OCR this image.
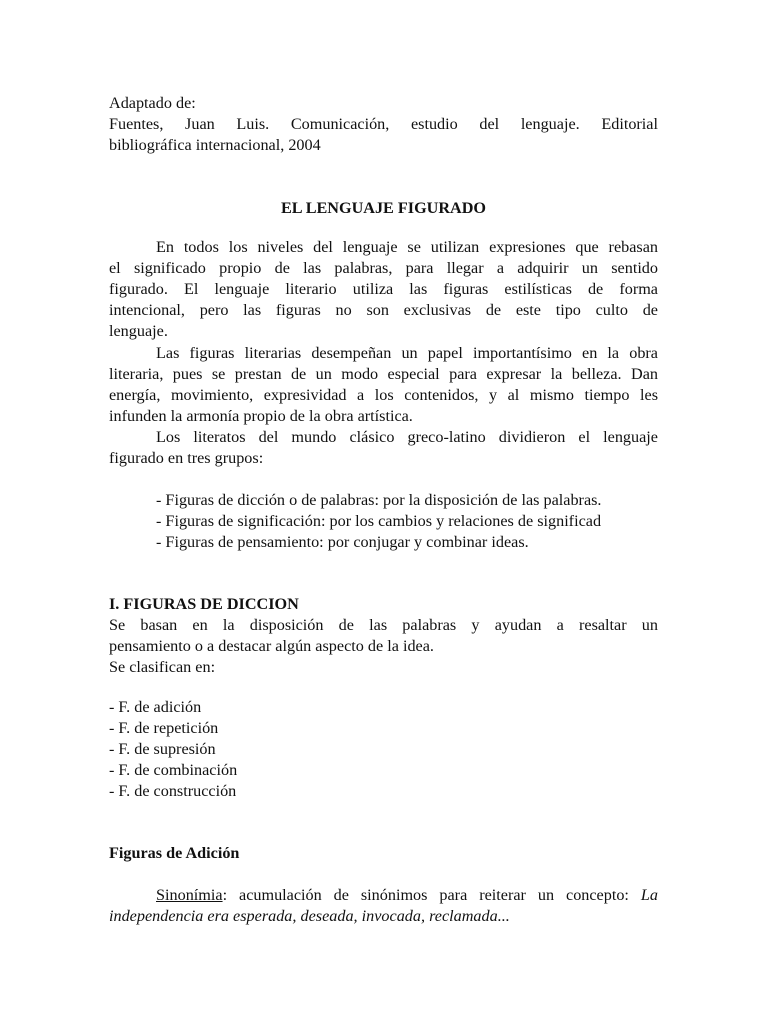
Adaptado de:

Fuentes, Juan Luis. Comunicación, estudio del lenguaje. Editorial

bibliográfica internacional, 2004

EL LENGUAJE FIGURADO

En todos los niveles del lenguaje se utilizan expresiones que rebasan

el significado propio de las palabras, para llegar a adquirir un sentido

figurado. El lenguaje literario utiliza las figuras estilísticas de forma

intencional, pero las figuras no son exclusivas de este tipo culto de

lenguaje.

Las figuras literarias desempeñan un papel importantísimo en la obra

literaria, pues se prestan de un modo especial para expresar la belleza. Dan

energía, movimiento, expresividad a los contenidos, y al mismo tiempo les

infunden la armonía propio de la obra artística.

Los literatos del mundo clásico greco-latino dividieron el lenguaje

figurado en tres grupos:

- Figuras de dicción o de palabras: por la disposición de las palabras.

- Figuras de significación: por los cambios y relaciones de significad

- Figuras de pensamiento: por conjugar y combinar ideas.

I. FIGURAS DE DICCION

Se basan en la disposición de las palabras y ayudan a resaltar un

pensamiento o a destacar algún aspecto de la idea.

Se clasifican en:

- F. de adición

- F. de repetición

- F. de supresión

- F. de combinación

- F. de construcción

Figuras de Adición

Sinonímia: acumulación de sinónimos para reiterar un concepto: La

independencia era esperada, deseada, invocada, reclamada...
